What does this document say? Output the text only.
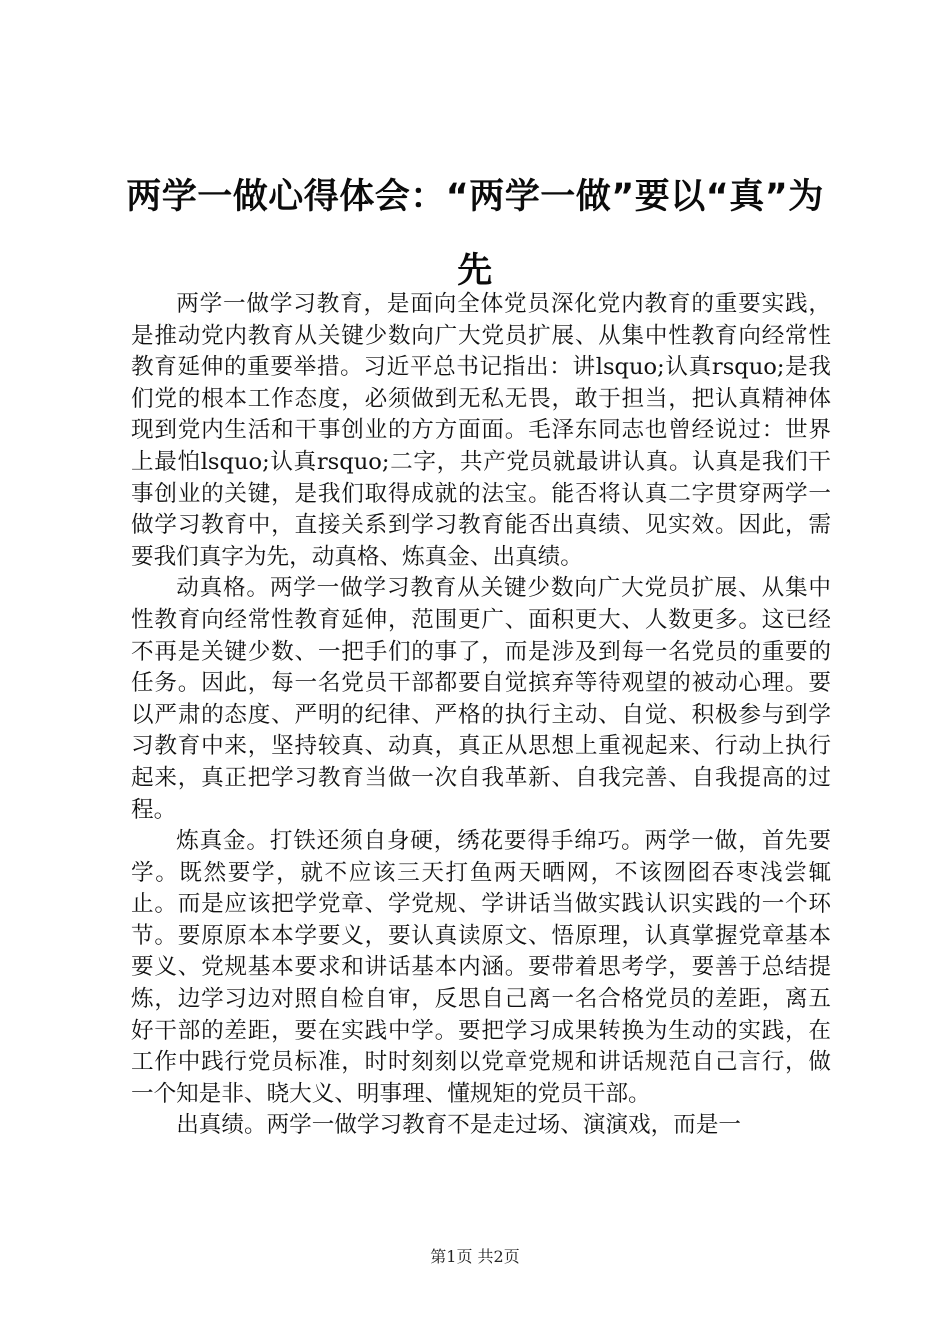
两学一做心得体会：“两学一做”要以“真”为先

两学一做学习教育，是面向全体党员深化党内教育的重要实践，是推动党内教育从关键少数向广大党员扩展、从集中性教育向经常性教育延伸的重要举措。习近平总书记指出：讲lsquo;认真rsquo;是我们党的根本工作态度，必须做到无私无畏，敢于担当，把认真精神体现到党内生活和干事创业的方方面面。毛泽东同志也曾经说过：世界上最怕lsquo;认真rsquo;二字，共产党员就最讲认真。认真是我们干事创业的关键，是我们取得成就的法宝。能否将认真二字贯穿两学一做学习教育中，直接关系到学习教育能否出真绩、见实效。因此，需要我们真字为先，动真格、炼真金、出真绩。

动真格。两学一做学习教育从关键少数向广大党员扩展、从集中性教育向经常性教育延伸，范围更广、面积更大、人数更多。这已经不再是关键少数、一把手们的事了，而是涉及到每一名党员的重要的任务。因此，每一名党员干部都要自觉摈弃等待观望的被动心理。要以严肃的态度、严明的纪律、严格的执行主动、自觉、积极参与到学习教育中来，坚持较真、动真，真正从思想上重视起来、行动上执行起来，真正把学习教育当做一次自我革新、自我完善、自我提高的过程。

炼真金。打铁还须自身硬，绣花要得手绵巧。两学一做，首先要学。既然要学，就不应该三天打鱼两天晒网，不该囫囵吞枣浅尝辄止。而是应该把学党章、学党规、学讲话当做实践认识实践的一个环节。要原原本本学要义，要认真读原文、悟原理，认真掌握党章基本要义、党规基本要求和讲话基本内涵。要带着思考学，要善于总结提炼，边学习边对照自检自审，反思自己离一名合格党员的差距，离五好干部的差距，要在实践中学。要把学习成果转换为生动的实践，在工作中践行党员标准，时时刻刻以党章党规和讲话规范自己言行，做一个知是非、晓大义、明事理、懂规矩的党员干部。

出真绩。两学一做学习教育不是走过场、演演戏，而是一

第1页 共2页
